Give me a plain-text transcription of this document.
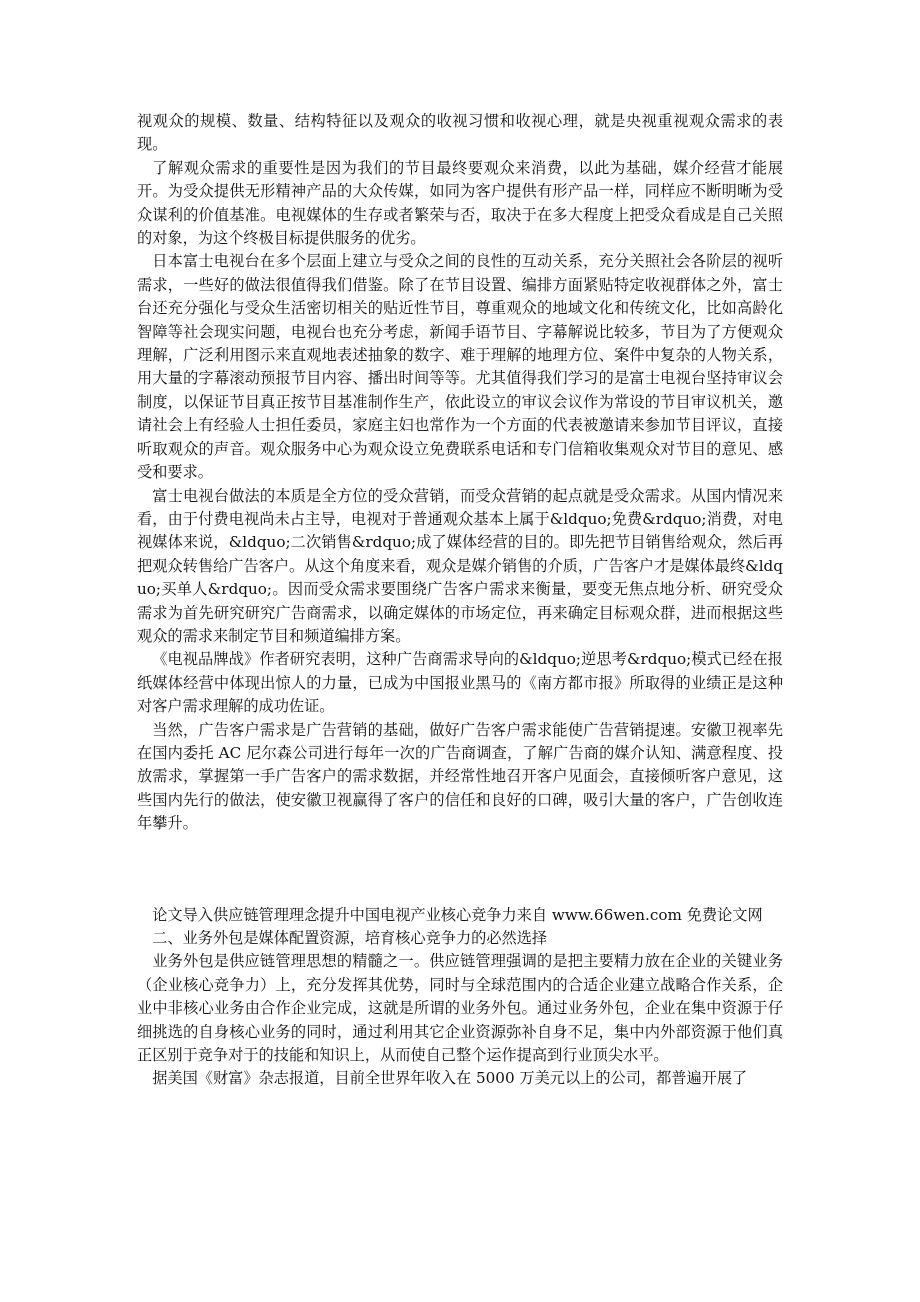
视观众的规模、数量、结构特征以及观众的收视习惯和收视心理，就是央视重视观众需求的表现。

了解观众需求的重要性是因为我们的节目最终要观众来消费，以此为基础，媒介经营才能展开。为受众提供无形精神产品的大众传媒，如同为客户提供有形产品一样，同样应不断明晰为受众谋利的价值基准。电视媒体的生存或者繁荣与否，取决于在多大程度上把受众看成是自己关照的对象，为这个终极目标提供服务的优劣。

日本富士电视台在多个层面上建立与受众之间的良性的互动关系，充分关照社会各阶层的视听需求，一些好的做法很值得我们借鉴。除了在节目设置、编排方面紧贴特定收视群体之外，富士台还充分强化与受众生活密切相关的贴近性节目，尊重观众的地域文化和传统文化，比如高龄化智障等社会现实问题，电视台也充分考虑，新闻手语节目、字幕解说比较多，节目为了方便观众理解，广泛利用图示来直观地表述抽象的数字、难于理解的地理方位、案件中复杂的人物关系，用大量的字幕滚动预报节目内容、播出时间等等。尤其值得我们学习的是富士电视台坚持审议会制度，以保证节目真正按节目基准制作生产，依此设立的审议会议作为常设的节目审议机关，邀请社会上有经验人士担任委员，家庭主妇也常作为一个方面的代表被邀请来参加节目评议，直接听取观众的声音。观众服务中心为观众设立免费联系电话和专门信箱收集观众对节目的意见、感受和要求。

富士电视台做法的本质是全方位的受众营销，而受众营销的起点就是受众需求。从国内情况来看，由于付费电视尚未占主导，电视对于普通观众基本上属于&ldquo;免费&rdquo;消费，对电视媒体来说，&ldquo;二次销售&rdquo;成了媒体经营的目的。即先把节目销售给观众，然后再把观众转售给广告客户。从这个角度来看，观众是媒介销售的介质，广告客户才是媒体最终&ldquo;买单人&rdquo;。因而受众需求要围绕广告客户需求来衡量，要变无焦点地分析、研究受众需求为首先研究研究广告商需求，以确定媒体的市场定位，再来确定目标观众群，进而根据这些观众的需求来制定节目和频道编排方案。

《电视品牌战》作者研究表明，这种广告商需求导向的&ldquo;逆思考&rdquo;模式已经在报纸媒体经营中体现出惊人的力量，已成为中国报业黑马的《南方都市报》所取得的业绩正是这种对客户需求理解的成功佐证。

当然，广告客户需求是广告营销的基础，做好广告客户需求能使广告营销提速。安徽卫视率先在国内委托 AC 尼尔森公司进行每年一次的广告商调查，了解广告商的媒介认知、满意程度、投放需求，掌握第一手广告客户的需求数据，并经常性地召开客户见面会，直接倾听客户意见，这些国内先行的做法，使安徽卫视赢得了客户的信任和良好的口碑，吸引大量的客户，广告创收连年攀升。

论文导入供应链管理理念提升中国电视产业核心竞争力来自 www.66wen.com 免费论文网

二、业务外包是媒体配置资源，培育核心竞争力的必然选择

业务外包是供应链管理思想的精髓之一。供应链管理强调的是把主要精力放在企业的关键业务（企业核心竞争力）上，充分发挥其优势，同时与全球范围内的合适企业建立战略合作关系，企业中非核心业务由合作企业完成，这就是所谓的业务外包。通过业务外包，企业在集中资源于仔细挑选的自身核心业务的同时，通过利用其它企业资源弥补自身不足，集中内外部资源于他们真正区别于竞争对于的技能和知识上，从而使自己整个运作提高到行业顶尖水平。

据美国《财富》杂志报道，目前全世界年收入在 5000 万美元以上的公司，都普遍开展了
